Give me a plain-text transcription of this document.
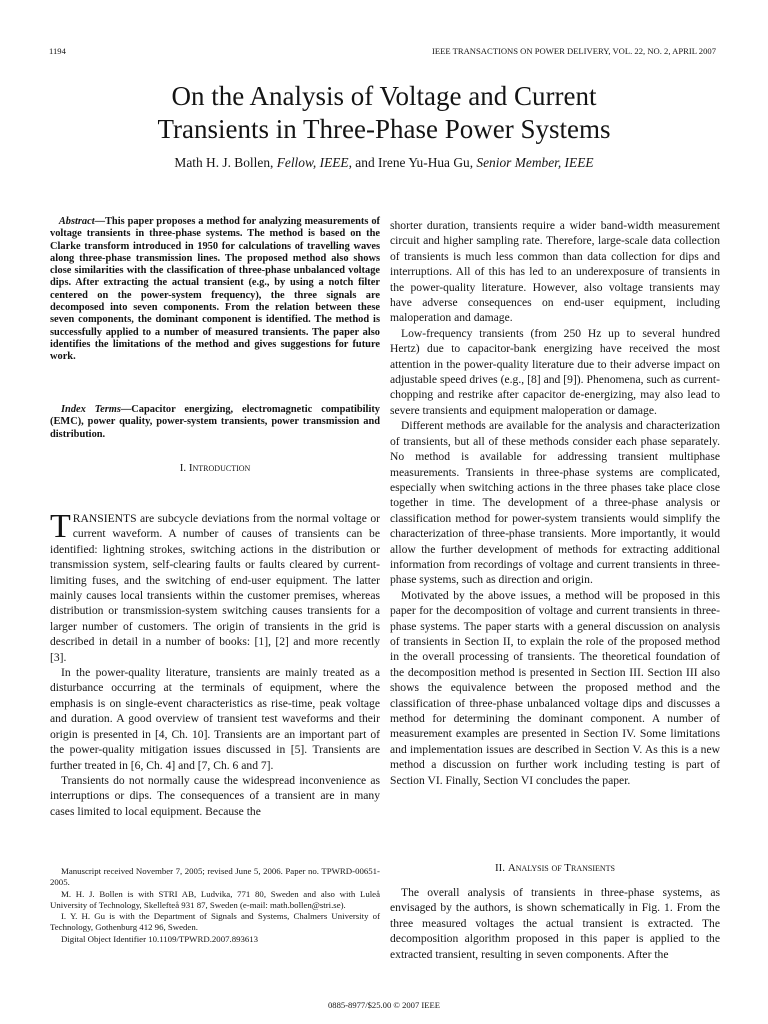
1194	IEEE TRANSACTIONS ON POWER DELIVERY, VOL. 22, NO. 2, APRIL 2007
On the Analysis of Voltage and Current
Transients in Three-Phase Power Systems
Math H. J. Bollen, Fellow, IEEE, and Irene Yu-Hua Gu, Senior Member, IEEE
Abstract—This paper proposes a method for analyzing measurements of voltage transients in three-phase systems. The method is based on the Clarke transform introduced in 1950 for calculations of travelling waves along three-phase transmission lines. The proposed method also shows close similarities with the classification of three-phase unbalanced voltage dips. After extracting the actual transient (e.g., by using a notch filter centered on the power-system frequency), the three signals are decomposed into seven components. From the relation between these seven components, the dominant component is identified. The method is successfully applied to a number of measured transients. The paper also identifies the limitations of the method and gives suggestions for future work.
Index Terms—Capacitor energizing, electromagnetic compatibility (EMC), power quality, power-system transients, power transmission and distribution.
I. Introduction

TRANSIENTS are subcycle deviations from the normal voltage or current waveform. A number of causes of transients can be identified: lightning strokes, switching actions in the distribution or transmission system, self-clearing faults or faults cleared by current-limiting fuses, and the switching of end-user equipment. The latter mainly causes local transients within the customer premises, whereas distribution or transmission-system switching causes transients for a larger number of customers. The origin of transients in the grid is described in detail in a number of books: [1], [2] and more recently [3].

In the power-quality literature, transients are mainly treated as a disturbance occurring at the terminals of equipment, where the emphasis is on single-event characteristics as rise-time, peak voltage and duration. A good overview of transient test waveforms and their origin is presented in [4, Ch. 10]. Transients are an important part of the power-quality mitigation issues discussed in [5]. Transients are further treated in [6, Ch. 4] and [7, Ch. 6 and 7].

Transients do not normally cause the widespread inconvenience as interruptions or dips. The consequences of a transient are in many cases limited to local equipment. Because the

Manuscript received November 7, 2005; revised June 5, 2006. Paper no. TPWRD-00651-2005.

M. H. J. Bollen is with STRI AB, Ludvika, 771 80, Sweden and also with Luleå University of Technology, Skellefteå 931 87, Sweden (e-mail: math.bollen@stri.se).

I. Y. H. Gu is with the Department of Signals and Systems, Chalmers University of Technology, Gothenburg 412 96, Sweden.

Digital Object Identifier 10.1109/TPWRD.2007.893613

shorter duration, transients require a wider band-width measurement circuit and higher sampling rate. Therefore, large-scale data collection of transients is much less common than data collection for dips and interruptions. All of this has led to an underexposure of transients in the power-quality literature. However, also voltage transients may have adverse consequences on end-user equipment, including maloperation and damage.

Low-frequency transients (from 250 Hz up to several hundred Hertz) due to capacitor-bank energizing have received the most attention in the power-quality literature due to their adverse impact on adjustable speed drives (e.g., [8] and [9]). Phenomena, such as current-chopping and restrike after capacitor de-energizing, may also lead to severe transients and equipment maloperation or damage.

Different methods are available for the analysis and characterization of transients, but all of these methods consider each phase separately. No method is available for addressing transient multiphase measurements. Transients in three-phase systems are complicated, especially when switching actions in the three phases take place close together in time. The development of a three-phase analysis or classification method for power-system transients would simplify the characterization of three-phase transients. More importantly, it would allow the further development of methods for extracting additional information from recordings of voltage and current transients in three-phase systems, such as direction and origin.

Motivated by the above issues, a method will be proposed in this paper for the decomposition of voltage and current transients in three-phase systems. The paper starts with a general discussion on analysis of transients in Section II, to explain the role of the proposed method in the overall processing of transients. The theoretical foundation of the decomposition method is presented in Section III. Section III also shows the equivalence between the proposed method and the classification of three-phase unbalanced voltage dips and discusses a method for determining the dominant component. A number of measurement examples are presented in Section IV. Some limitations and implementation issues are described in Section V. As this is a new method a discussion on further work including testing is part of Section VI. Finally, Section VI concludes the paper.

II. Analysis of Transients

The overall analysis of transients in three-phase systems, as envisaged by the authors, is shown schematically in Fig. 1. From the three measured voltages the actual transient is extracted. The decomposition algorithm proposed in this paper is applied to the extracted transient, resulting in seven components. After the

0885-8977/$25.00 © 2007 IEEE
